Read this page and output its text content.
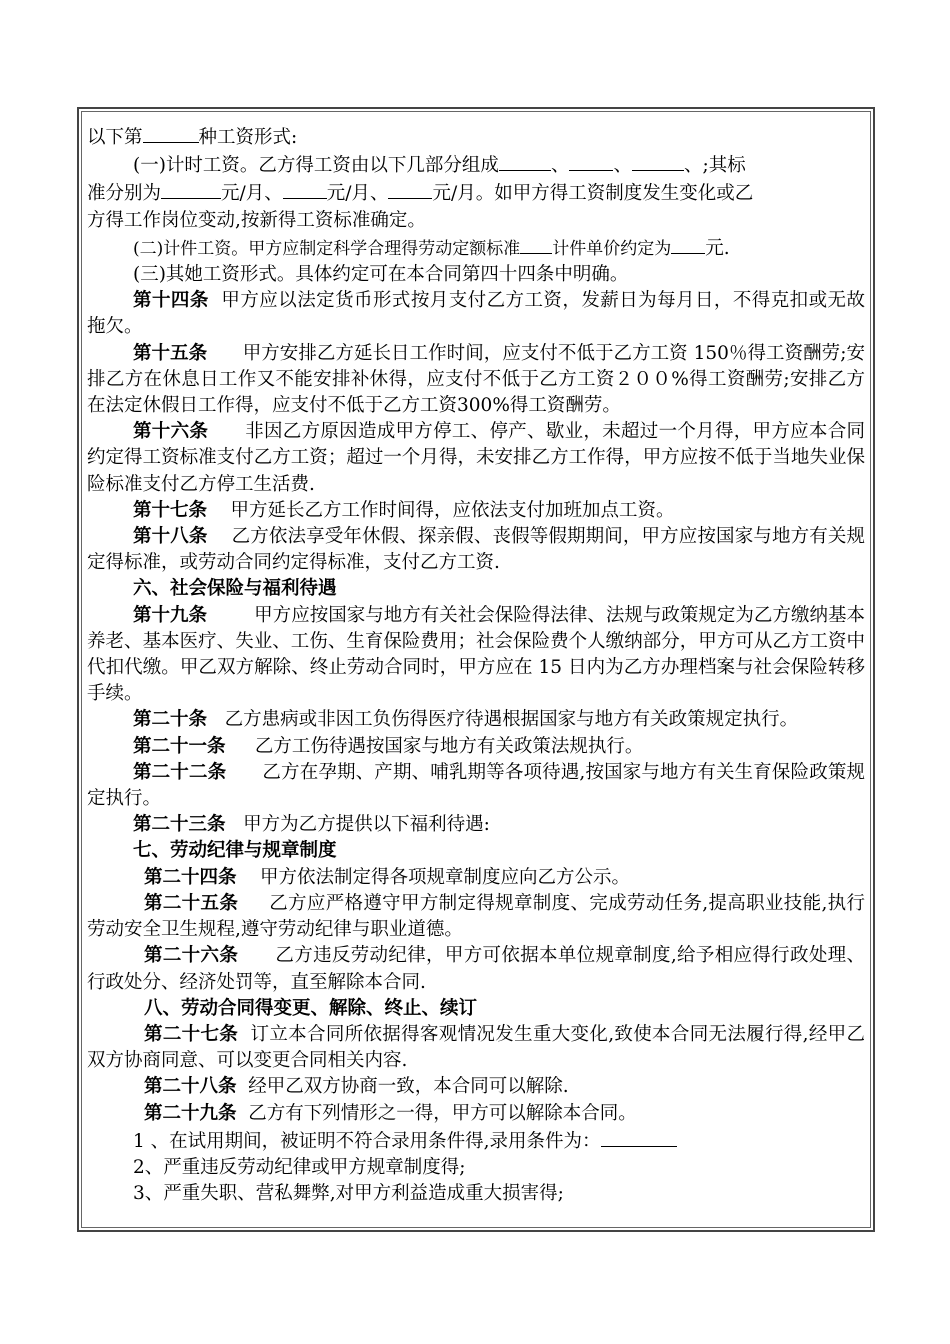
以下第	种工资形式:

(一)计时工资。乙方得工资由以下几部分组成	、 、	、;其标

准分别为	元/月、 元/月、 元/月。如甲方得工资制度发生变化或乙

方得工作岗位变动,按新得工资标准确定。

(二)计件工资。甲方应制定科学合理得劳动定额标准 计件单价约定为 元.

(三)其她工资形式。具体约定可在本合同第四十四条中明确。

第十四条  甲方应以法定货币形式按月支付乙方工资，发薪日为每月日，不得克扣或无故拖欠。

第十五条      甲方安排乙方延长日工作时间，应支付不低于乙方工资 150％得工资酬劳;安排乙方在休息日工作又不能安排补休得，应支付不低于乙方工资２００%得工资酬劳;安排乙方在法定休假日工作得，应支付不低于乙方工资300%得工资酬劳。

第十六条      非因乙方原因造成甲方停工、停产、歇业，未超过一个月得，甲方应本合同约定得工资标准支付乙方工资；超过一个月得，未安排乙方工作得，甲方应按不低于当地失业保险标准支付乙方停工生活费.

第十七条    甲方延长乙方工作时间得，应依法支付加班加点工资。

第十八条    乙方依法享受年休假、探亲假、丧假等假期期间，甲方应按国家与地方有关规定得标准，或劳动合同约定得标准，支付乙方工资.

六、社会保险与福利待遇

第十九条        甲方应按国家与地方有关社会保险得法律、法规与政策规定为乙方缴纳基本养老、基本医疗、失业、工伤、生育保险费用；社会保险费个人缴纳部分，甲方可从乙方工资中代扣代缴。甲乙双方解除、终止劳动合同时，甲方应在 15 日内为乙方办理档案与社会保险转移手续。

第二十条   乙方患病或非因工负伤得医疗待遇根据国家与地方有关政策规定执行。

第二十一条     乙方工伤待遇按国家与地方有关政策法规执行。

第二十二条      乙方在孕期、产期、哺乳期等各项待遇,按国家与地方有关生育保险政策规定执行。

第二十三条   甲方为乙方提供以下福利待遇:

七、劳动纪律与规章制度

第二十四条    甲方依法制定得各项规章制度应向乙方公示。

第二十五条     乙方应严格遵守甲方制定得规章制度、完成劳动任务,提高职业技能,执行劳动安全卫生规程,遵守劳动纪律与职业道德。

第二十六条      乙方违反劳动纪律，甲方可依据本单位规章制度,给予相应得行政处理、行政处分、经济处罚等，直至解除本合同.

八、劳动合同得变更、解除、终止、续订

第二十七条  订立本合同所依据得客观情况发生重大变化,致使本合同无法履行得,经甲乙双方协商同意、可以变更合同相关内容.

第二十八条  经甲乙双方协商一致，本合同可以解除.

第二十九条  乙方有下列情形之一得，甲方可以解除本合同。

1 、在试用期间，被证明不符合录用条件得,录用条件为：

2、严重违反劳动纪律或甲方规章制度得;

3、严重失职、营私舞弊,对甲方利益造成重大损害得;
